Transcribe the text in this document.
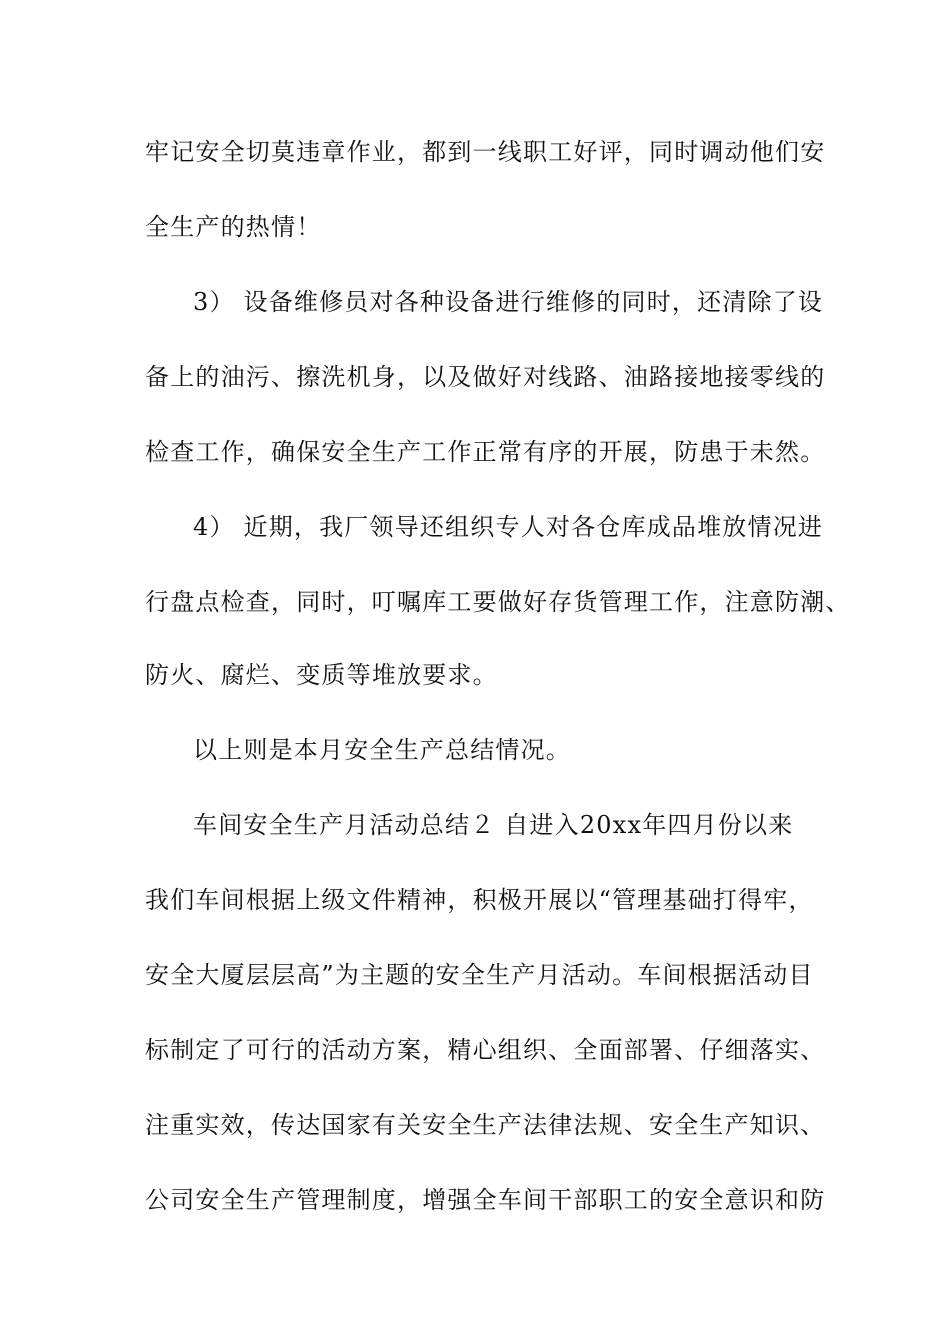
牢记安全切莫违章作业，都到一线职工好评，同时调动他们安
全生产的热情！
3） 设备维修员对各种设备进行维修的同时，还清除了设
备上的油污、擦洗机身，以及做好对线路、油路接地接零线的
检查工作，确保安全生产工作正常有序的开展，防患于未然。
4） 近期，我厂领导还组织专人对各仓库成品堆放情况进
行盘点检查，同时，叮嘱库工要做好存货管理工作，注意防潮、
防火、腐烂、变质等堆放要求。
以上则是本月安全生产总结情况。
车间安全生产月活动总结２ 自进入20xx年四月份以来
我们车间根据上级文件精神，积极开展以“管理基础打得牢，
安全大厦层层高”为主题的安全生产月活动。车间根据活动目
标制定了可行的活动方案，精心组织、全面部署、仔细落实、
注重实效，传达国家有关安全生产法律法规、安全生产知识、
公司安全生产管理制度，增强全车间干部职工的安全意识和防
